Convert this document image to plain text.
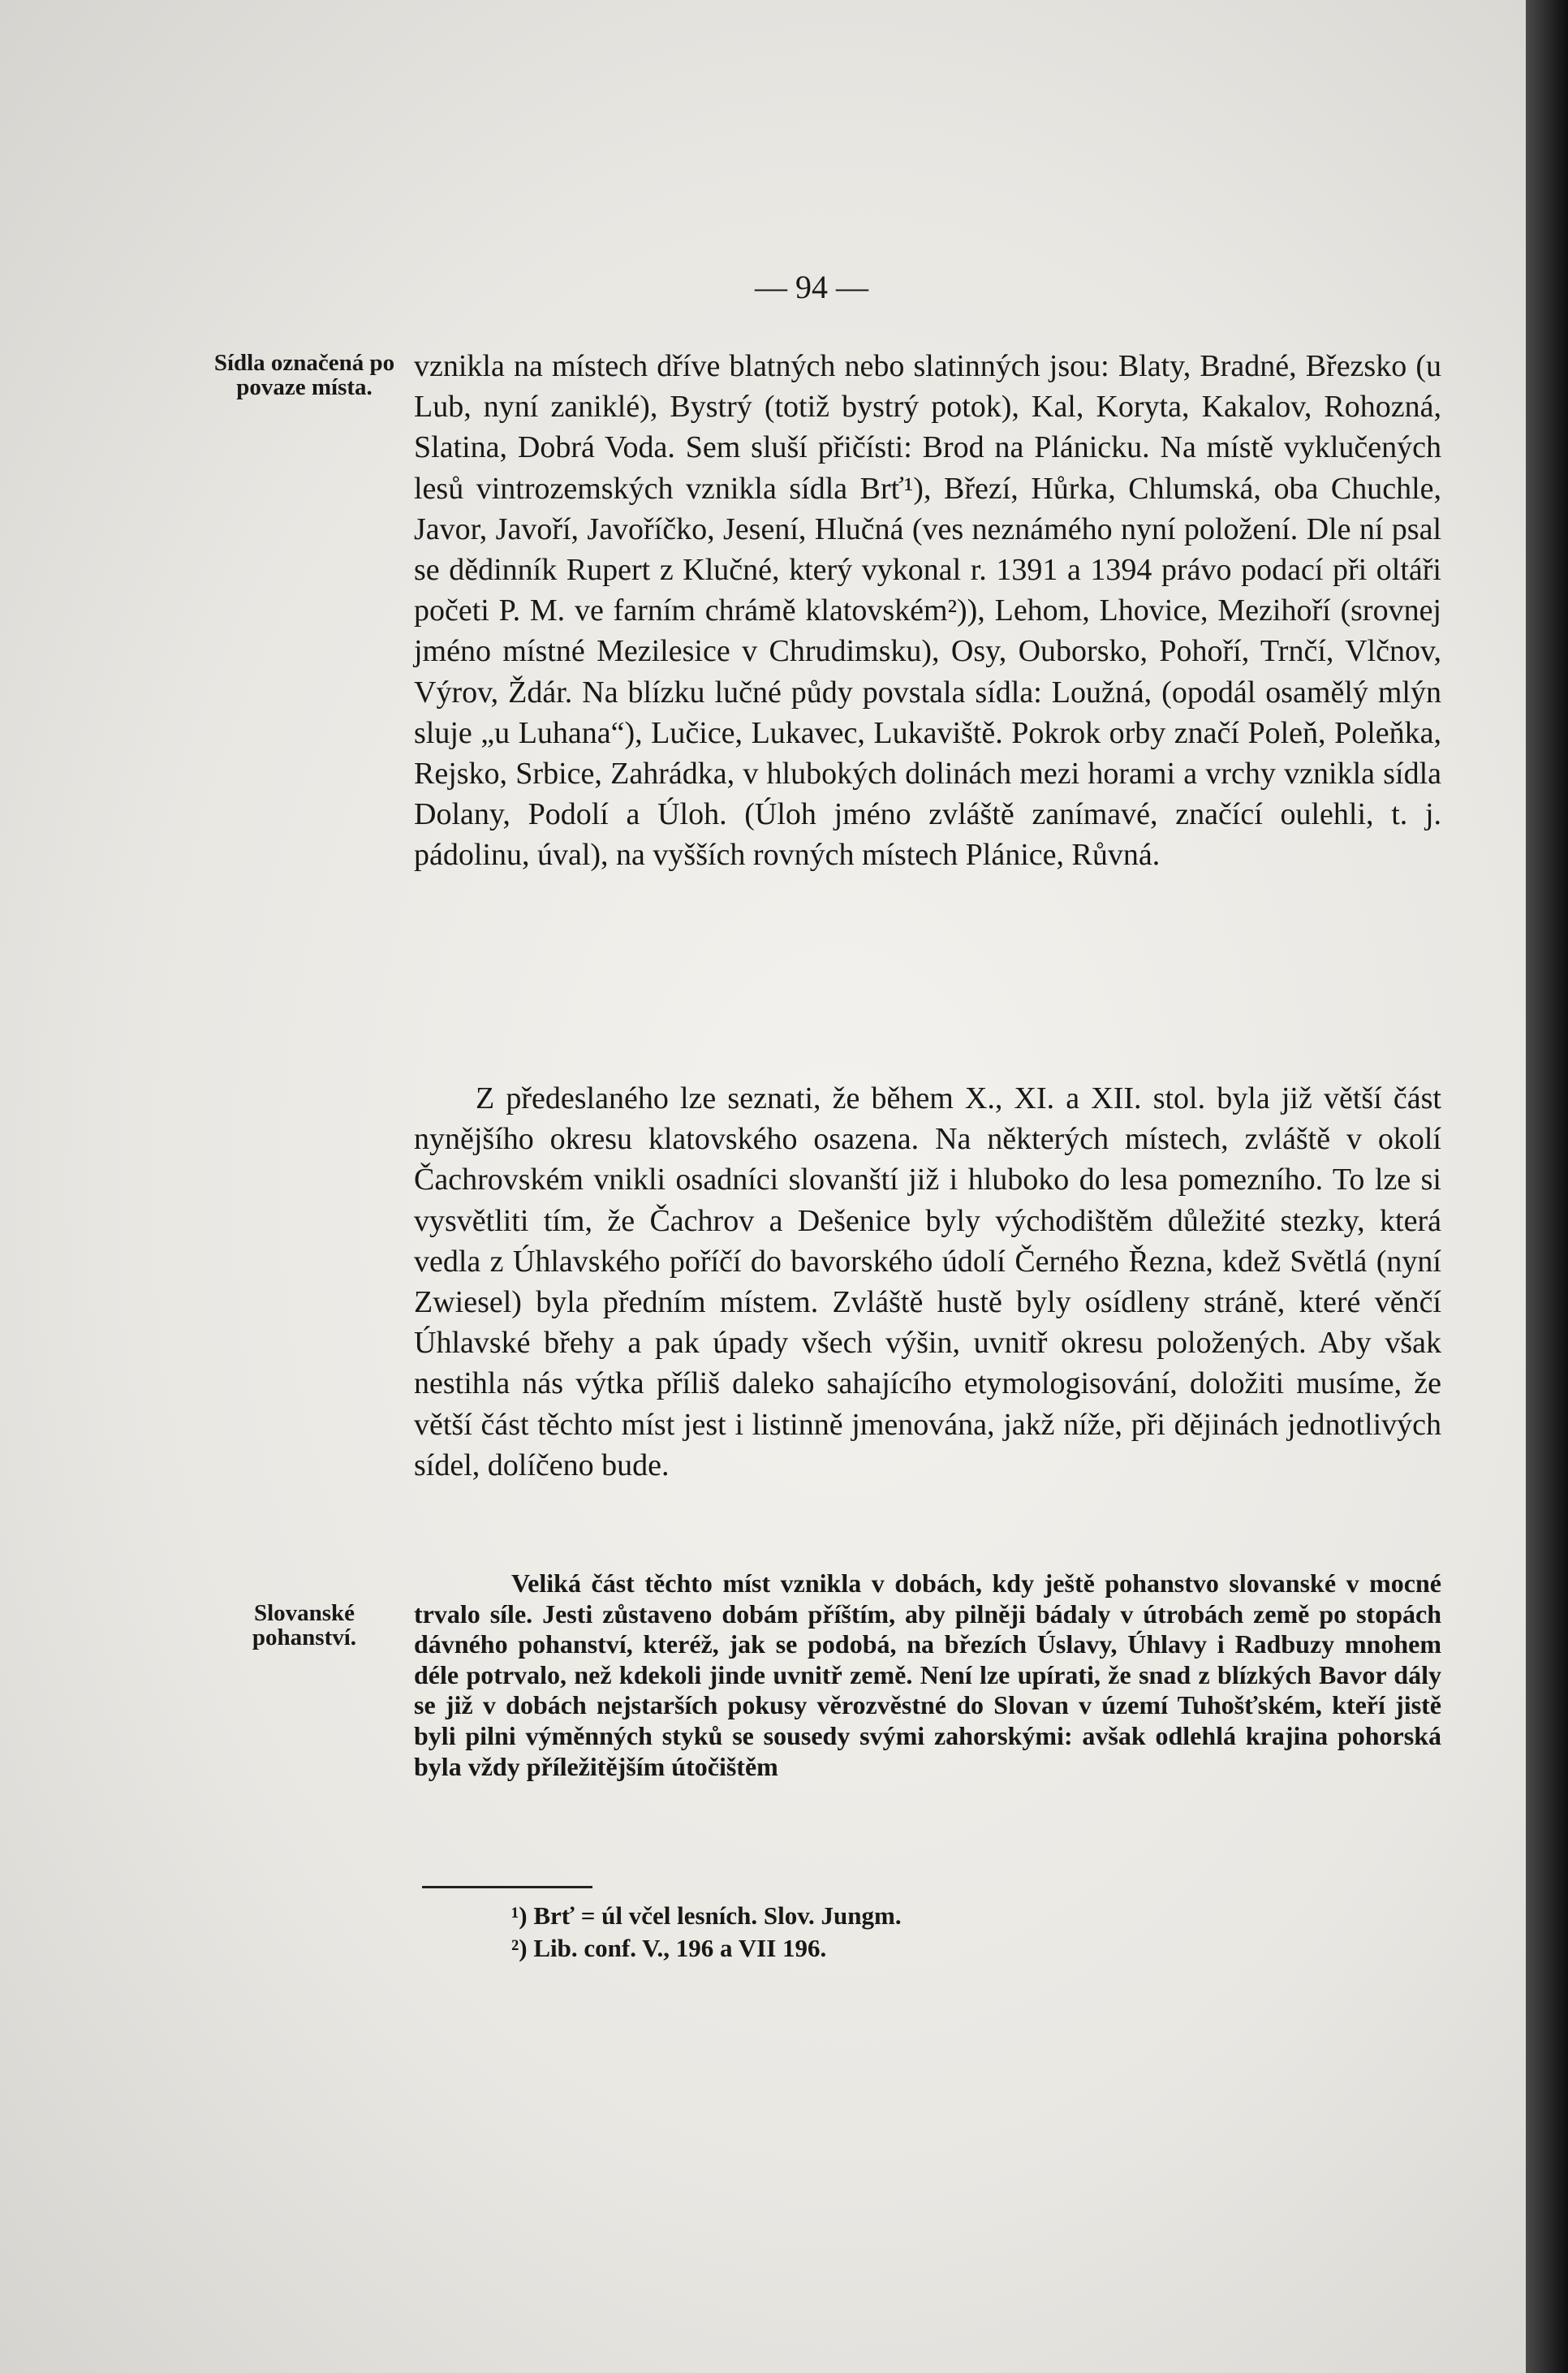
— 94 —
Sídla označená po povaze místa.

vznikla na místech dříve blatných nebo slatinných jsou: Blaty, Bradné, Březsko (u Lub, nyní zaniklé), Bystrý (totiž bystrý potok), Kal, Koryta, Kakalov, Rohozná, Slatina, Dobrá Voda. Sem sluší přičísti: Brod na Plánicku. Na místě vyklučených lesů vintrozemských vznikla sídla Brť¹), Březí, Hůrka, Chlumská, oba Chuchle, Javor, Javoří, Javoříčko, Jesení, Hlučná (ves neznámého nyní položení. Dle ní psal se dědinník Rupert z Klučné, který vykonal r. 1391 a 1394 právo podací při oltáři početi P. M. ve farním chrámě klatovském²)), Lehom, Lhovice, Mezihoří (srovnej jméno místné Mezilesice v Chrudimsku), Osy, Ouborsko, Pohoří, Trnčí, Vlčnov, Výrov, Ždár. Na blízku lučné půdy povstala sídla: Loužná, (opodál osamělý mlýn sluje „u Luhana“), Lučice, Lukavec, Lukaviště. Pokrok orby značí Poleň, Poleňka, Rejsko, Srbice, Zahrádka, v hlubokých dolinách mezi horami a vrchy vznikla sídla Dolany, Podolí a Úloh. (Úloh jméno zvláště zanímavé, značící oulehli, t. j. pádolinu, úval), na vyšších rovných místech Plánice, Růvná.

Z předeslaného lze seznati, že během X., XI. a XII. stol. byla již větší část nynějšího okresu klatovského osazena. Na některých místech, zvláště v okolí Čachrovském vnikli osadníci slovanští již i hluboko do lesa pomezního. To lze si vysvětliti tím, že Čachrov a Dešenice byly východištěm důležité stezky, která vedla z Úhlavského poříčí do bavorského údolí Černého Řezna, kdež Světlá (nyní Zwiesel) byla předním místem. Zvláště hustě byly osídleny stráně, které věnčí Úhlavské břehy a pak úpady všech výšin, uvnitř okresu položených. Aby však nestihla nás výtka příliš daleko sahajícího etymologisování, doložiti musíme, že větší část těchto míst jest i listinně jmenována, jakž níže, při dějinách jednotlivých sídel, dolíčeno bude.

Slovanské pohanství.
Veliká část těchto míst vznikla v dobách, kdy ještě pohanstvo slovanské v mocné trvalo síle. Jesti zůstaveno dobám příštím, aby pilněji bádaly v útrobách země po stopách dávného pohanství, kteréž, jak se podobá, na březích Úslavy, Úhlavy i Radbuzy mnohem déle potrvalo, než kdekoli jinde uvnitř země. Není lze upírati, že snad z blízkých Bavor dály se již v dobách nejstarších pokusy věrozvěstné do Slovan v území Tuhošťském, kteří jistě byli pilni výměnných styků se sousedy svými zahorskými: avšak odlehlá krajina pohorská byla vždy příležitějším útočištěm
¹) Brť = úl včel lesních. Slov. Jungm.
²) Lib. conf. V., 196 a VII 196.
